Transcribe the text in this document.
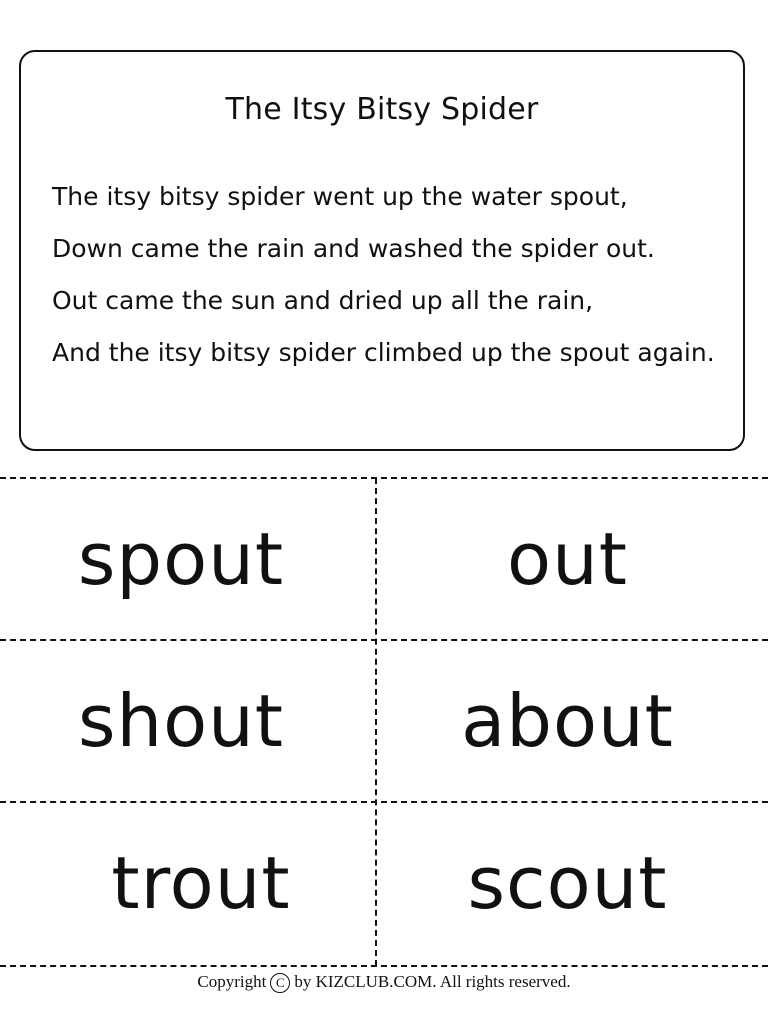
The Itsy Bitsy Spider
The itsy bitsy spider went up the water spout,
Down came the rain and washed the spider out.
Out came the sun and dried up all the rain,
And the itsy bitsy spider climbed up the spout again.
spout	out
shout about
trout scout
Copyright C by KIZCLUB.COM. All rights reserved.
